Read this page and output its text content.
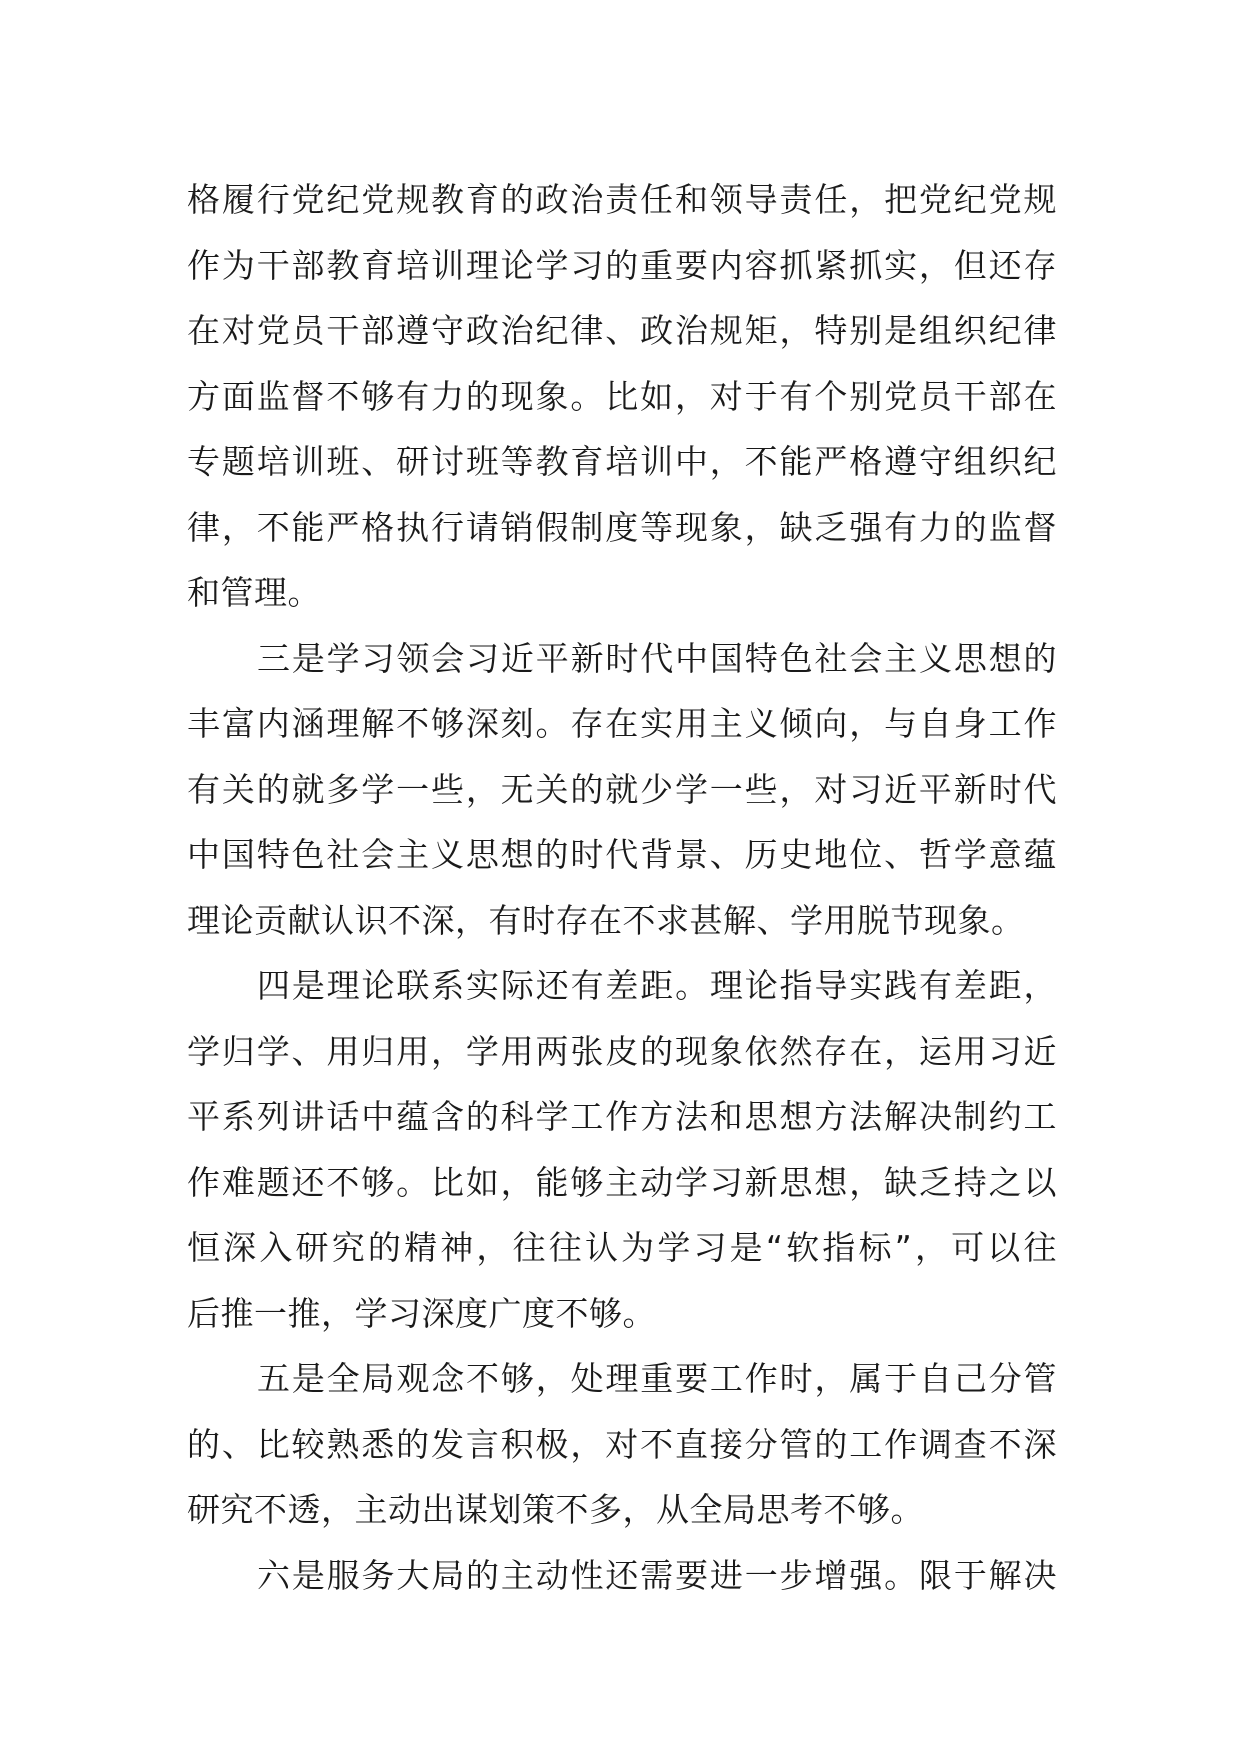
格履行党纪党规教育的政治责任和领导责任，把党纪党规
作为干部教育培训理论学习的重要内容抓紧抓实，但还存
在对党员干部遵守政治纪律、政治规矩，特别是组织纪律
方面监督不够有力的现象。比如，对于有个别党员干部在
专题培训班、研讨班等教育培训中，不能严格遵守组织纪
律，不能严格执行请销假制度等现象，缺乏强有力的监督
和管理。
三是学习领会习近平新时代中国特色社会主义思想的
丰富内涵理解不够深刻。存在实用主义倾向，与自身工作
有关的就多学一些，无关的就少学一些，对习近平新时代
中国特色社会主义思想的时代背景、历史地位、哲学意蕴
理论贡献认识不深，有时存在不求甚解、学用脱节现象。
四是理论联系实际还有差距。理论指导实践有差距，
学归学、用归用，学用两张皮的现象依然存在，运用习近
平系列讲话中蕴含的科学工作方法和思想方法解决制约工
作难题还不够。比如，能够主动学习新思想，缺乏持之以
恒深入研究的精神，往往认为学习是“软指标”，可以往
后推一推，学习深度广度不够。
五是全局观念不够，处理重要工作时，属于自己分管
的、比较熟悉的发言积极，对不直接分管的工作调查不深
研究不透，主动出谋划策不多，从全局思考不够。
六是服务大局的主动性还需要进一步增强。限于解决
